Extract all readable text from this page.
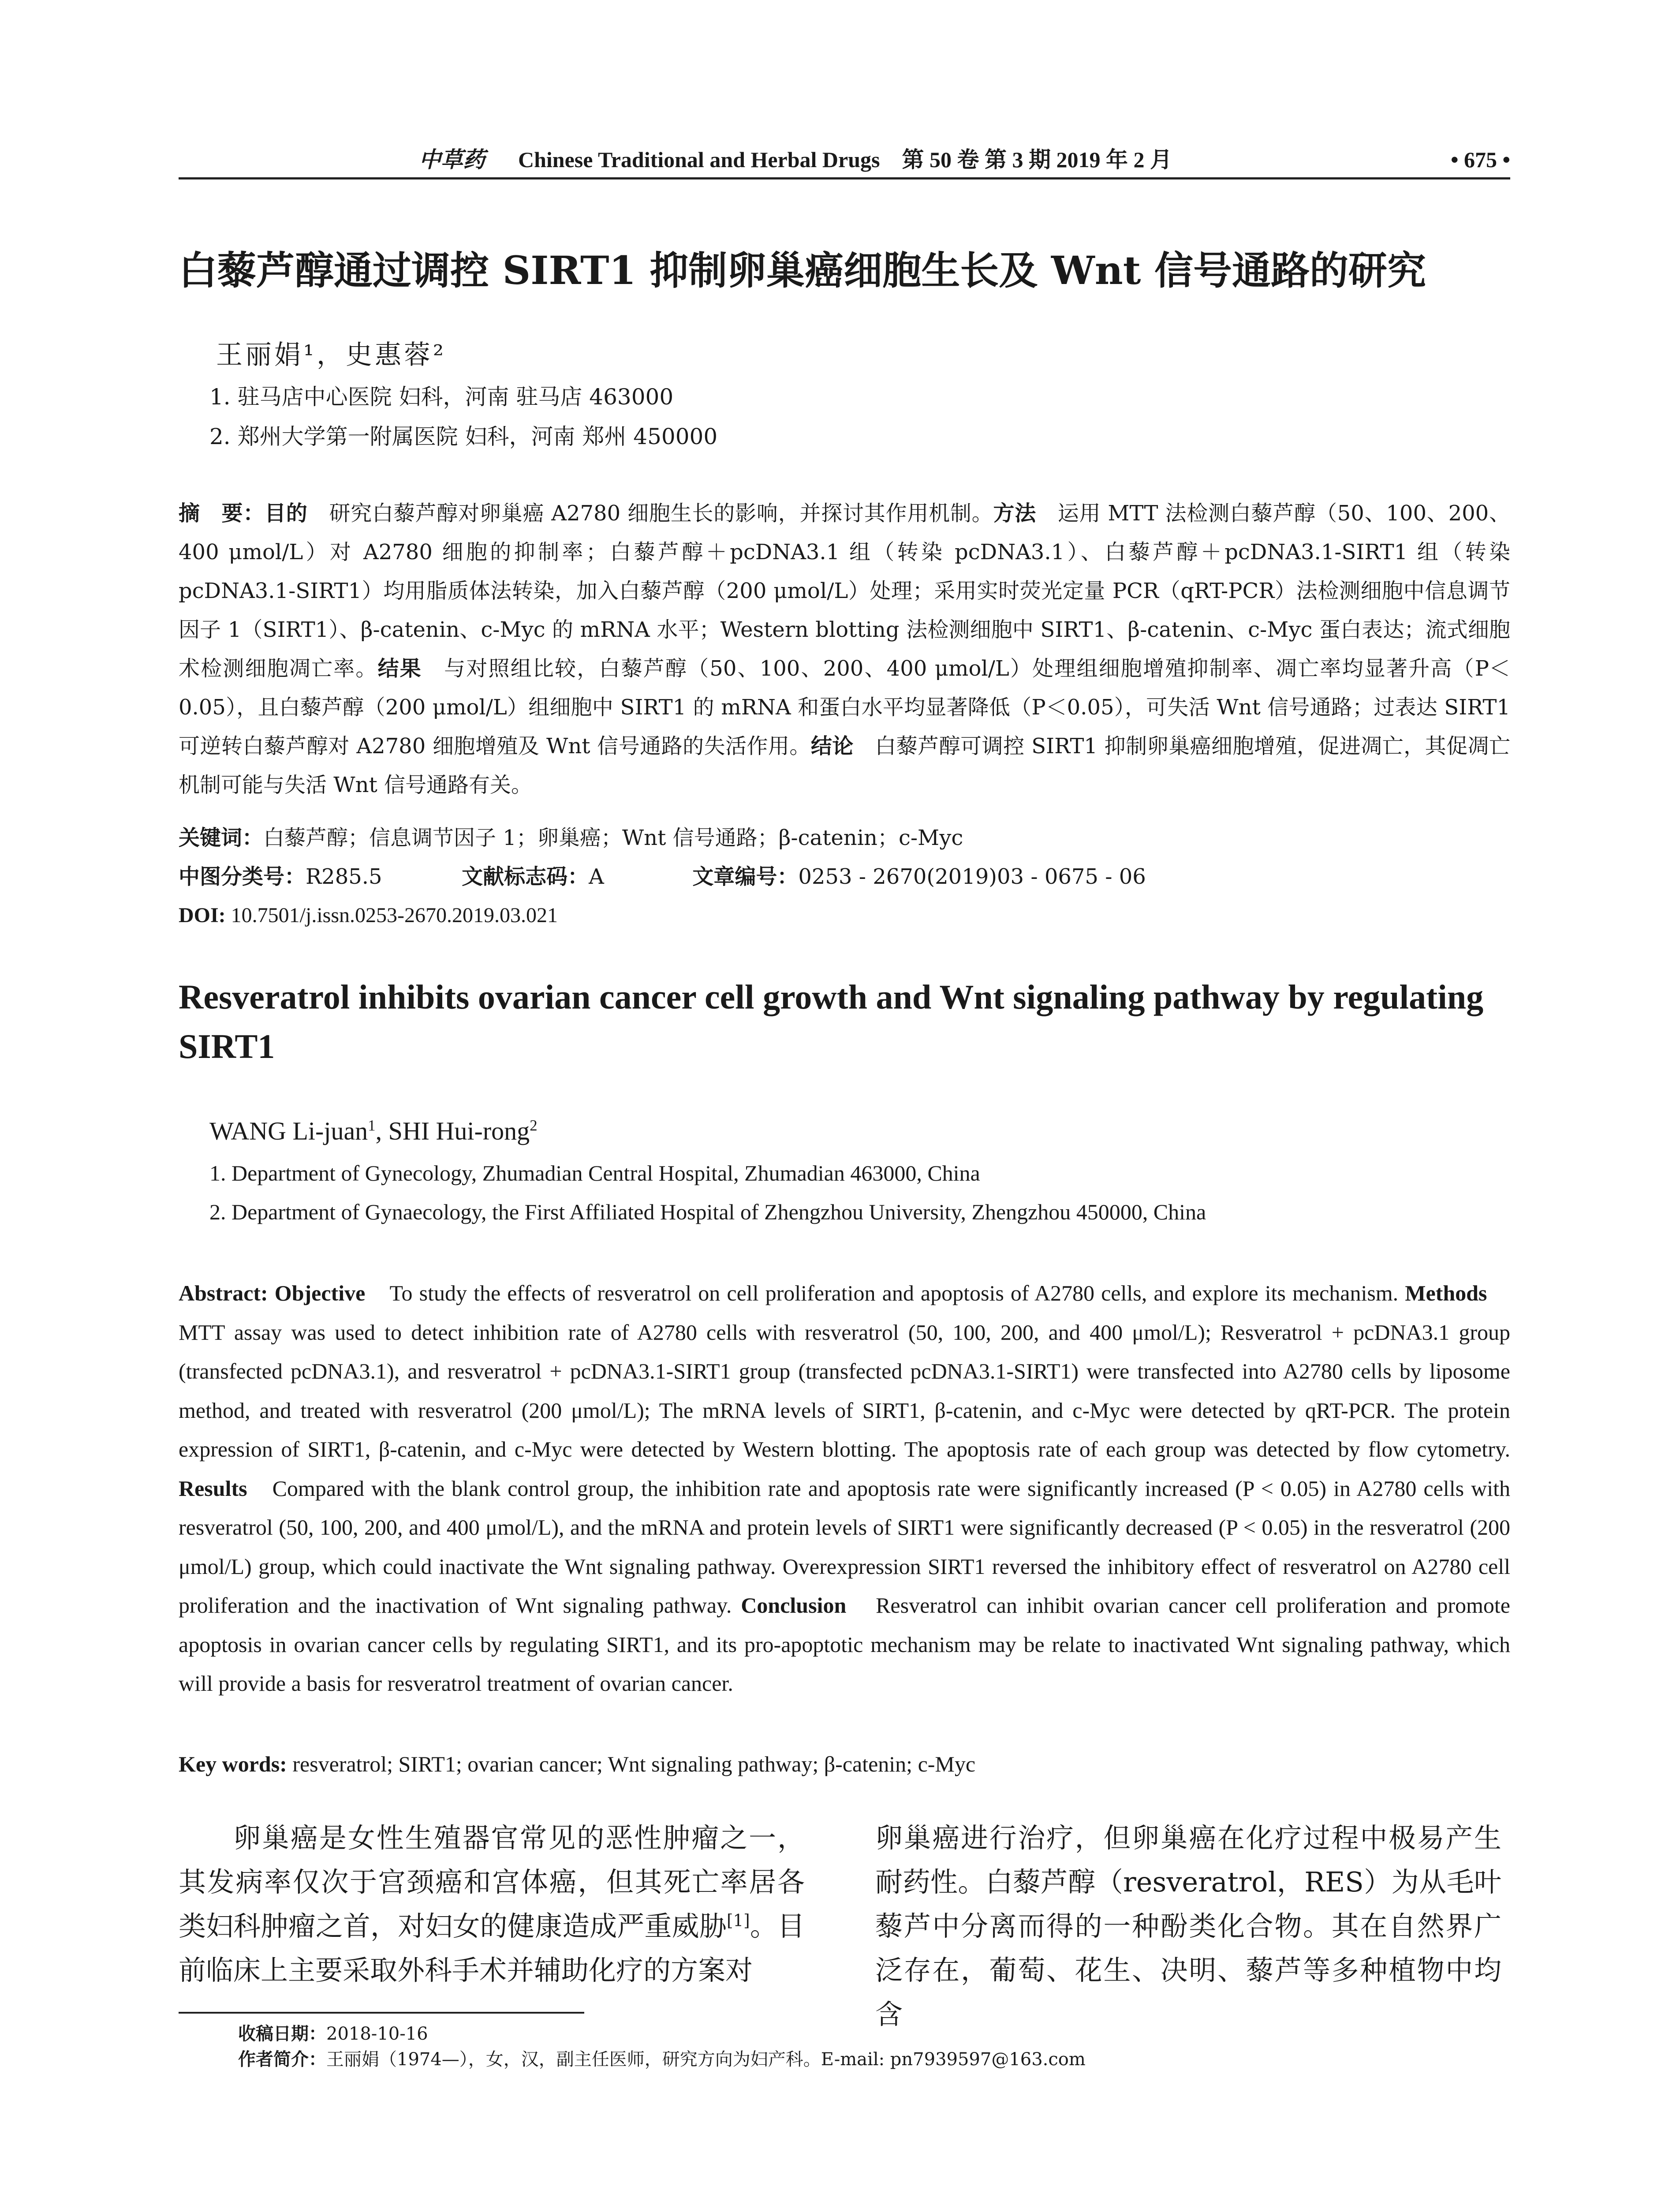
中草药 Chinese Traditional and Herbal Drugs　第 50 卷 第 3 期 2019 年 2 月	• 675 •
白藜芦醇通过调控 SIRT1 抑制卵巢癌细胞生长及 Wnt 信号通路的研究
王丽娟¹，史惠蓉²
1. 驻马店中心医院 妇科，河南 驻马店 463000
2. 郑州大学第一附属医院 妇科，河南 郑州 450000
摘　要：目的　研究白藜芦醇对卵巢癌 A2780 细胞生长的影响，并探讨其作用机制。方法　运用 MTT 法检测白藜芦醇（50、100、200、400 μmol/L）对 A2780 细胞的抑制率；白藜芦醇＋pcDNA3.1 组（转染 pcDNA3.1）、白藜芦醇＋pcDNA3.1-SIRT1 组（转染 pcDNA3.1-SIRT1）均用脂质体法转染，加入白藜芦醇（200 μmol/L）处理；采用实时荧光定量 PCR（qRT-PCR）法检测细胞中信息调节因子 1（SIRT1）、β-catenin、c-Myc 的 mRNA 水平；Western blotting 法检测细胞中 SIRT1、β-catenin、c-Myc 蛋白表达；流式细胞术检测细胞凋亡率。结果　与对照组比较，白藜芦醇（50、100、200、400 μmol/L）处理组细胞增殖抑制率、凋亡率均显著升高（P＜0.05），且白藜芦醇（200 μmol/L）组细胞中 SIRT1 的 mRNA 和蛋白水平均显著降低（P＜0.05），可失活 Wnt 信号通路；过表达 SIRT1 可逆转白藜芦醇对 A2780 细胞增殖及 Wnt 信号通路的失活作用。结论　白藜芦醇可调控 SIRT1 抑制卵巢癌细胞增殖，促进凋亡，其促凋亡机制可能与失活 Wnt 信号通路有关。
关键词：白藜芦醇；信息调节因子 1；卵巢癌；Wnt 信号通路；β-catenin；c-Myc
中图分类号：R285.5	文献标志码：A	文章编号：0253 - 2670(2019)03 - 0675 - 06
DOI: 10.7501/j.issn.0253-2670.2019.03.021
Resveratrol inhibits ovarian cancer cell growth and Wnt signaling pathway by regulating SIRT1
WANG Li-juan$^1$, SHI Hui-rong$^2$
1. Department of Gynecology, Zhumadian Central Hospital, Zhumadian 463000, China
2. Department of Gynaecology, the First Affiliated Hospital of Zhengzhou University, Zhengzhou 450000, China
Abstract: Objective　To study the effects of resveratrol on cell proliferation and apoptosis of A2780 cells, and explore its mechanism. Methods　MTT assay was used to detect inhibition rate of A2780 cells with resveratrol (50, 100, 200, and 400 μmol/L); Resveratrol + pcDNA3.1 group (transfected pcDNA3.1), and resveratrol + pcDNA3.1-SIRT1 group (transfected pcDNA3.1-SIRT1) were transfected into A2780 cells by liposome method, and treated with resveratrol (200 μmol/L); The mRNA levels of SIRT1, β-catenin, and c-Myc were detected by qRT-PCR. The protein expression of SIRT1, β-catenin, and c-Myc were detected by Western blotting. The apoptosis rate of each group was detected by flow cytometry. Results　Compared with the blank control group, the inhibition rate and apoptosis rate were significantly increased (P < 0.05) in A2780 cells with resveratrol (50, 100, 200, and 400 μmol/L), and the mRNA and protein levels of SIRT1 were significantly decreased (P < 0.05) in the resveratrol (200 μmol/L) group, which could inactivate the Wnt signaling pathway. Overexpression SIRT1 reversed the inhibitory effect of resveratrol on A2780 cell proliferation and the inactivation of Wnt signaling pathway. Conclusion　Resveratrol can inhibit ovarian cancer cell proliferation and promote apoptosis in ovarian cancer cells by regulating SIRT1, and its pro-apoptotic mechanism may be relate to inactivated Wnt signaling pathway, which will provide a basis for resveratrol treatment of ovarian cancer.
Key words: resveratrol; SIRT1; ovarian cancer; Wnt signaling pathway; β-catenin; c-Myc

卵巢癌是女性生殖器官常见的恶性肿瘤之一，其发病率仅次于宫颈癌和宫体癌，但其死亡率居各类妇科肿瘤之首，对妇女的健康造成严重威胁[1]。目前临床上主要采取外科手术并辅助化疗的方案对

卵巢癌进行治疗，但卵巢癌在化疗过程中极易产生耐药性。白藜芦醇（resveratrol，RES）为从毛叶藜芦中分离而得的一种酚类化合物。其在自然界广泛存在，葡萄、花生、决明、藜芦等多种植物中均含

收稿日期：2018-10-16
作者简介：王丽娟（1974—），女，汉，副主任医师，研究方向为妇产科。E-mail: pn7939597@163.com
